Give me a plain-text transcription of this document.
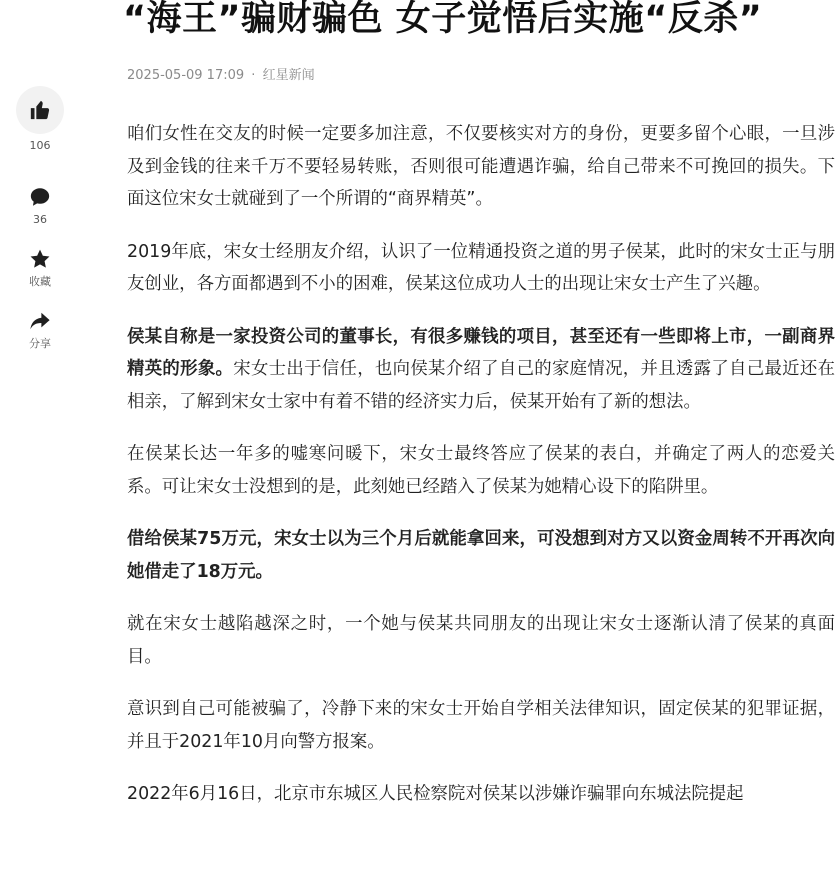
“海王”骗财骗色 女子觉悟后实施“反杀”
2025-05-09 17:09 · 红星新闻
106
36
收藏
分享

咱们女性在交友的时候一定要多加注意，不仅要核实对方的身份，更要多留个心眼，一旦涉及到金钱的往来千万不要轻易转账，否则很可能遭遇诈骗，给自己带来不可挽回的损失。下面这位宋女士就碰到了一个所谓的“商界精英”。

2019年底，宋女士经朋友介绍，认识了一位精通投资之道的男子侯某，此时的宋女士正与朋友创业，各方面都遇到不小的困难，侯某这位成功人士的出现让宋女士产生了兴趣。

侯某自称是一家投资公司的董事长，有很多赚钱的项目，甚至还有一些即将上市，一副商界精英的形象。宋女士出于信任，也向侯某介绍了自己的家庭情况，并且透露了自己最近还在相亲，了解到宋女士家中有着不错的经济实力后，侯某开始有了新的想法。

在侯某长达一年多的嘘寒问暖下，宋女士最终答应了侯某的表白，并确定了两人的恋爱关系。可让宋女士没想到的是，此刻她已经踏入了侯某为她精心设下的陷阱里。

借给侯某75万元，宋女士以为三个月后就能拿回来，可没想到对方又以资金周转不开再次向她借走了18万元。

就在宋女士越陷越深之时，一个她与侯某共同朋友的出现让宋女士逐渐认清了侯某的真面目。

意识到自己可能被骗了，冷静下来的宋女士开始自学相关法律知识，固定侯某的犯罪证据，并且于2021年10月向警方报案。

2022年6月16日，北京市东城区人民检察院对侯某以涉嫌诈骗罪向东城法院提起
